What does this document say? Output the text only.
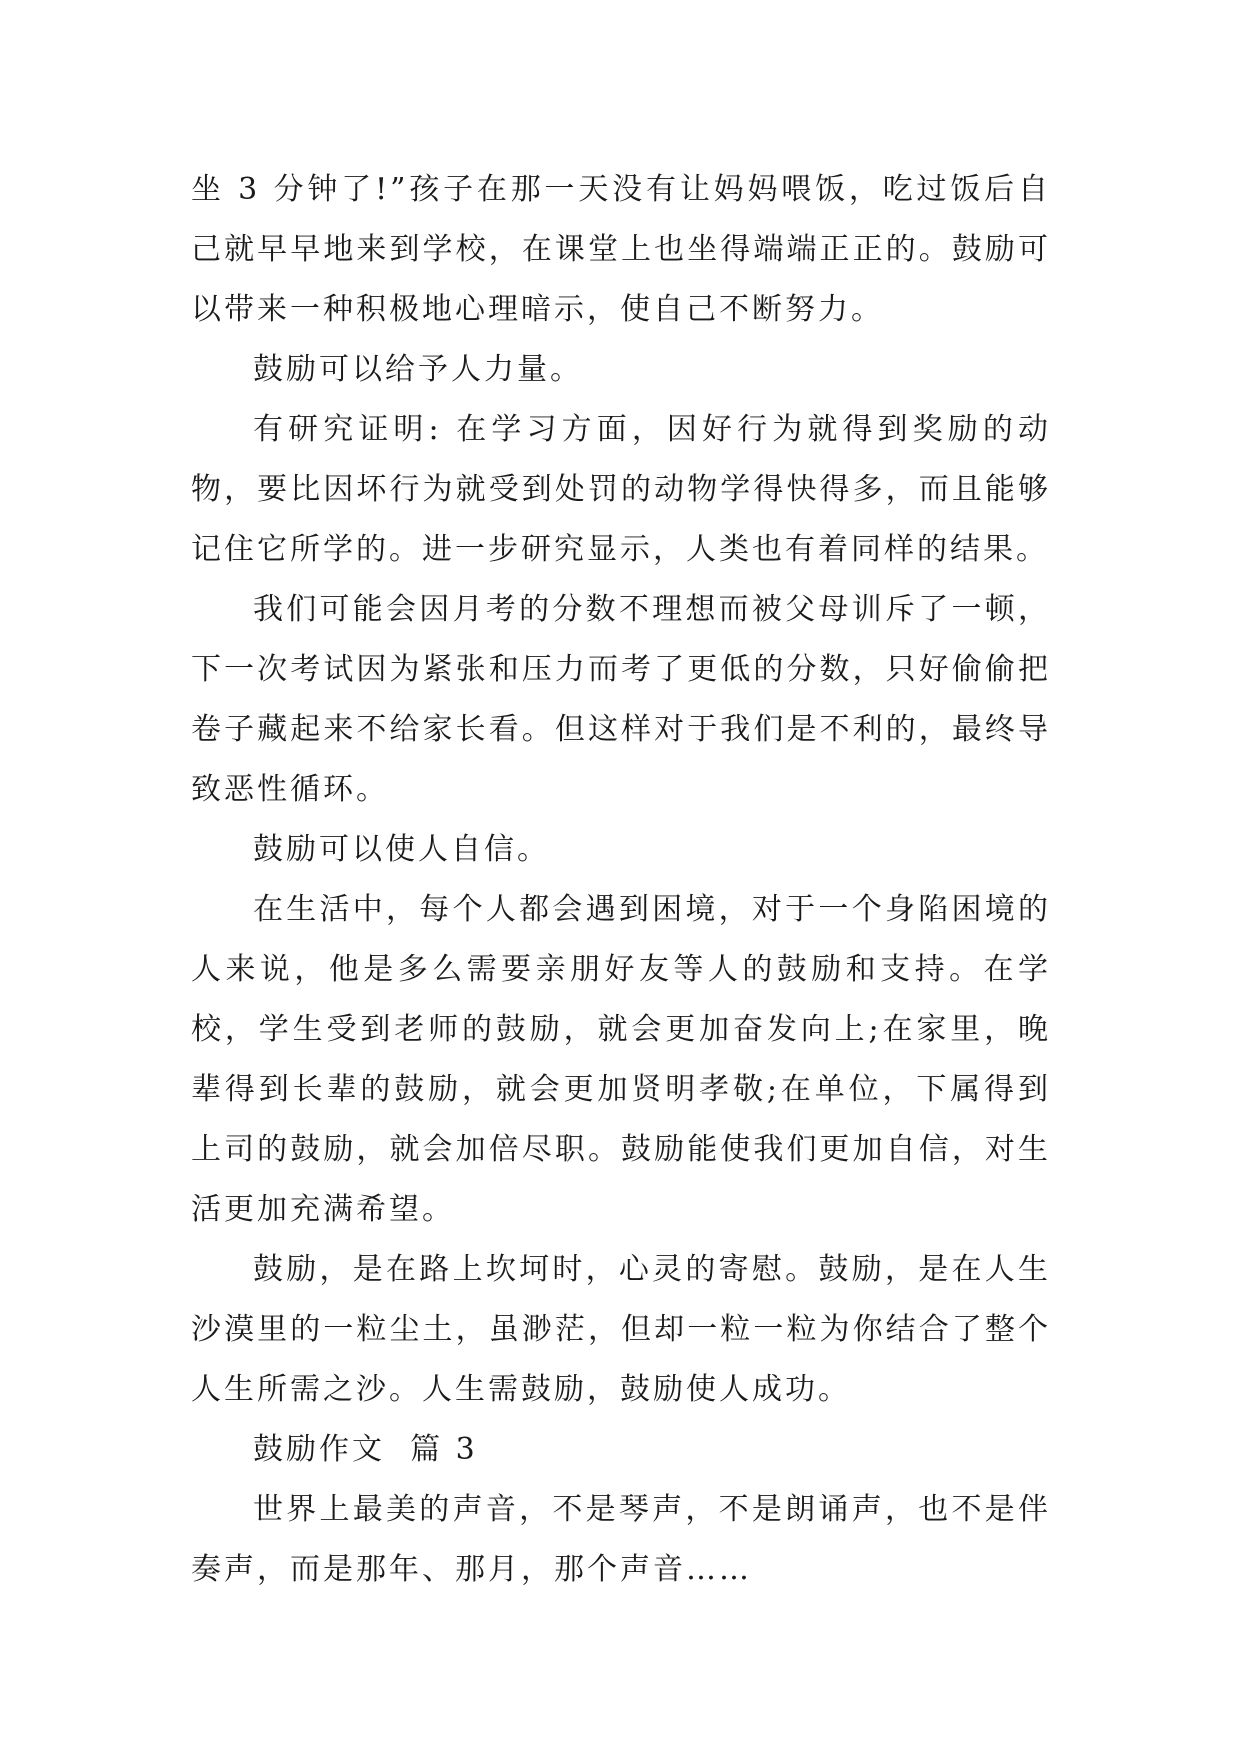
坐 3 分钟了!”孩子在那一天没有让妈妈喂饭，吃过饭后自己就早早地来到学校，在课堂上也坐得端端正正的。鼓励可以带来一种积极地心理暗示，使自己不断努力。

鼓励可以给予人力量。

有研究证明: 在学习方面，因好行为就得到奖励的动物，要比因坏行为就受到处罚的动物学得快得多，而且能够记住它所学的。进一步研究显示，人类也有着同样的结果。

我们可能会因月考的分数不理想而被父母训斥了一顿，下一次考试因为紧张和压力而考了更低的分数，只好偷偷把卷子藏起来不给家长看。但这样对于我们是不利的，最终导致恶性循环。

鼓励可以使人自信。

在生活中，每个人都会遇到困境，对于一个身陷困境的人来说，他是多么需要亲朋好友等人的鼓励和支持。在学校，学生受到老师的鼓励，就会更加奋发向上;在家里，晚辈得到长辈的鼓励，就会更加贤明孝敬;在单位，下属得到上司的鼓励，就会加倍尽职。鼓励能使我们更加自信，对生活更加充满希望。

鼓励，是在路上坎坷时，心灵的寄慰。鼓励，是在人生沙漠里的一粒尘土，虽渺茫，但却一粒一粒为你结合了整个人生所需之沙。人生需鼓励，鼓励使人成功。

鼓励作文  篇 3

世界上最美的声音，不是琴声，不是朗诵声，也不是伴奏声，而是那年、那月，那个声音……
